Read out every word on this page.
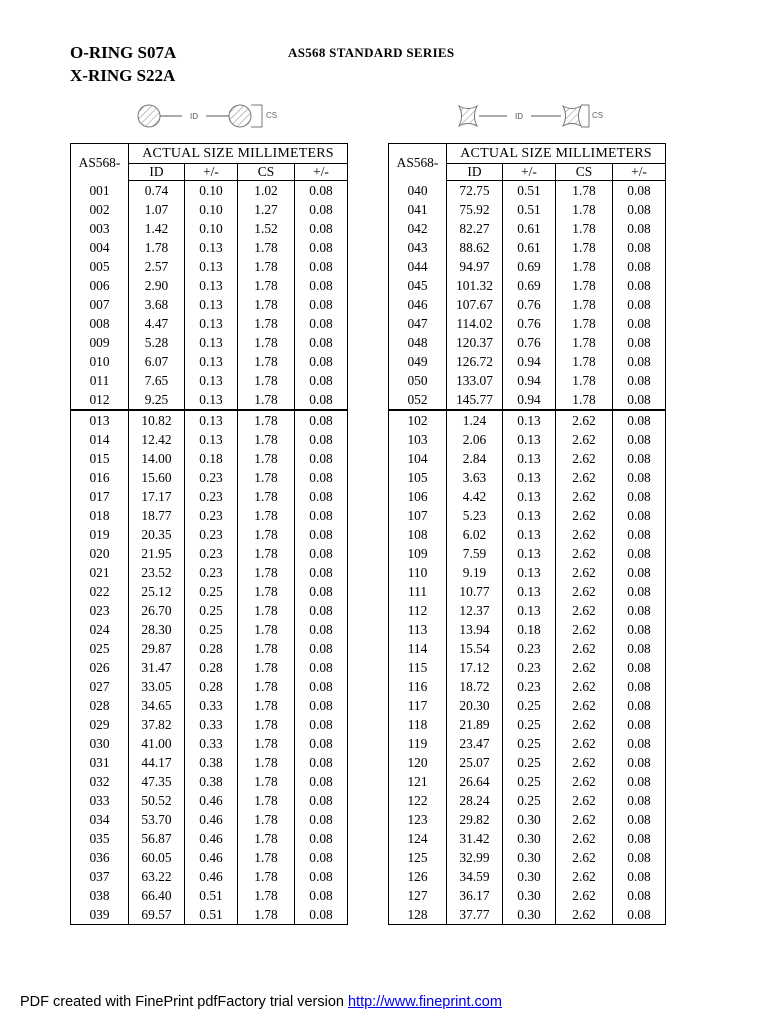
O-RING S07A
X-RING S22A
AS568 STANDARD SERIES
ID	CS	ID	CS
AS568-	ACTUAL SIZE MILLIMETERS			
	ID	+/-	CS	+/-
001	0.74	0.10	1.02	0.08
002	1.07	0.10	1.27	0.08
003	1.42	0.10	1.52	0.08
004	1.78	0.13	1.78	0.08
005	2.57	0.13	1.78	0.08
006	2.90	0.13	1.78	0.08
007	3.68	0.13	1.78	0.08
008	4.47	0.13	1.78	0.08
009	5.28	0.13	1.78	0.08
010	6.07	0.13	1.78	0.08
011	7.65	0.13	1.78	0.08
012	9.25	0.13	1.78	0.08
013	10.82	0.13	1.78	0.08
014	12.42	0.13	1.78	0.08
015	14.00	0.18	1.78	0.08
016	15.60	0.23	1.78	0.08
017	17.17	0.23	1.78	0.08
018	18.77	0.23	1.78	0.08
019	20.35	0.23	1.78	0.08
020	21.95	0.23	1.78	0.08
021	23.52	0.23	1.78	0.08
022	25.12	0.25	1.78	0.08
023	26.70	0.25	1.78	0.08
024	28.30	0.25	1.78	0.08
025	29.87	0.28	1.78	0.08
026	31.47	0.28	1.78	0.08
027	33.05	0.28	1.78	0.08
028	34.65	0.33	1.78	0.08
029	37.82	0.33	1.78	0.08
030	41.00	0.33	1.78	0.08
031	44.17	0.38	1.78	0.08
032	47.35	0.38	1.78	0.08
033	50.52	0.46	1.78	0.08
034	53.70	0.46	1.78	0.08
035	56.87	0.46	1.78	0.08
036	60.05	0.46	1.78	0.08
037	63.22	0.46	1.78	0.08
038	66.40	0.51	1.78	0.08
039	69.57	0.51	1.78	0.08
AS568-	ACTUAL SIZE MILLIMETERS			
	ID	+/-	CS	+/-
040	72.75	0.51	1.78	0.08
041	75.92	0.51	1.78	0.08
042	82.27	0.61	1.78	0.08
043	88.62	0.61	1.78	0.08
044	94.97	0.69	1.78	0.08
045	101.32	0.69	1.78	0.08
046	107.67	0.76	1.78	0.08
047	114.02	0.76	1.78	0.08
048	120.37	0.76	1.78	0.08
049	126.72	0.94	1.78	0.08
050	133.07	0.94	1.78	0.08
052	145.77	0.94	1.78	0.08
102	1.24	0.13	2.62	0.08
103	2.06	0.13	2.62	0.08
104	2.84	0.13	2.62	0.08
105	3.63	0.13	2.62	0.08
106	4.42	0.13	2.62	0.08
107	5.23	0.13	2.62	0.08
108	6.02	0.13	2.62	0.08
109	7.59	0.13	2.62	0.08
110	9.19	0.13	2.62	0.08
111	10.77	0.13	2.62	0.08
112	12.37	0.13	2.62	0.08
113	13.94	0.18	2.62	0.08
114	15.54	0.23	2.62	0.08
115	17.12	0.23	2.62	0.08
116	18.72	0.23	2.62	0.08
117	20.30	0.25	2.62	0.08
118	21.89	0.25	2.62	0.08
119	23.47	0.25	2.62	0.08
120	25.07	0.25	2.62	0.08
121	26.64	0.25	2.62	0.08
122	28.24	0.25	2.62	0.08
123	29.82	0.30	2.62	0.08
124	31.42	0.30	2.62	0.08
125	32.99	0.30	2.62	0.08
126	34.59	0.30	2.62	0.08
127	36.17	0.30	2.62	0.08
128	37.77	0.30	2.62	0.08
PDF created with FinePrint pdfFactory trial version http://www.fineprint.com
